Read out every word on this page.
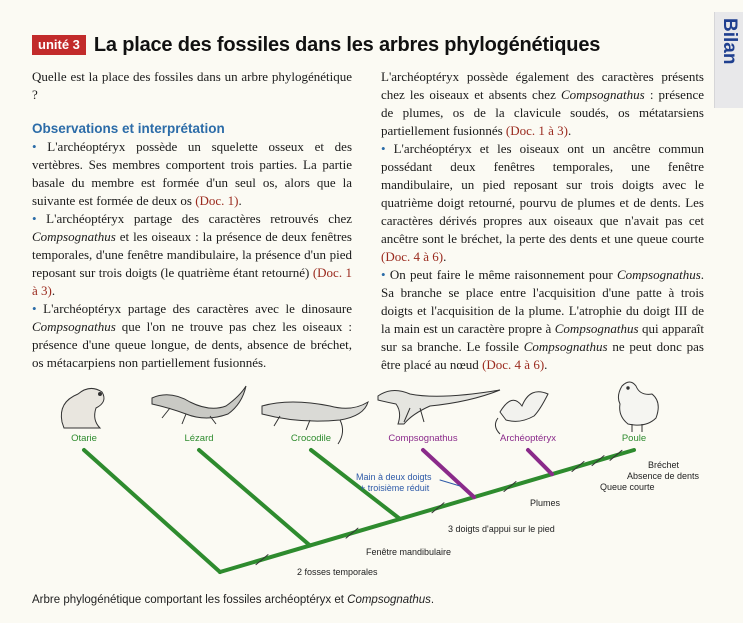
unité 3 La place des fossiles dans les arbres phylogénétiques	Bilan

Quelle est la place des fossiles dans un arbre phylogénétique ?

Observations et interprétation

• L'archéoptéryx possède un squelette osseux et des vertèbres. Ses membres comportent trois parties. La partie basale du membre est formée d'un seul os, alors que la suivante est formée de deux os (Doc. 1).

• L'archéoptéryx partage des caractères retrouvés chez Compsognathus et les oiseaux : la présence de deux fenêtres temporales, d'une fenêtre mandibulaire, la présence d'un pied reposant sur trois doigts (le quatrième étant retourné) (Doc. 1 à 3).

• L'archéoptéryx partage des caractères avec le dinosaure Compsognathus que l'on ne trouve pas chez les oiseaux : présence d'une queue longue, de dents, absence de bréchet, os métacarpiens non partiellement fusionnés.

L'archéoptéryx possède également des caractères présents chez les oiseaux et absents chez Compsognathus : présence de plumes, os de la clavicule soudés, os métatarsiens partiellement fusionnés (Doc. 1 à 3).

• L'archéoptéryx et les oiseaux ont un ancêtre commun possédant deux fenêtres temporales, une fenêtre mandibulaire, un pied reposant sur trois doigts avec le quatrième doigt retourné, pourvu de plumes et de dents. Les caractères dérivés propres aux oiseaux que n'avait pas cet ancêtre sont le bréchet, la perte des dents et une queue courte (Doc. 4 à 6).

• On peut faire le même raisonnement pour Compsognathus. Sa branche se place entre l'acquisition d'une patte à trois doigts et l'acquisition de la plume. L'atrophie du doigt III de la main est un caractère propre à Compsognathus qui apparaît sur sa branche. Le fossile Compsognathus ne peut donc pas être placé au nœud (Doc. 4 à 6).

Otarie	Lézard	Crocodile	Compsognathus	Archéoptéryx	Poule
2 fosses temporales
Fenêtre mandibulaire
3 doigts d'appui sur le pied
Plumes
Queue courte
Absence de dents
Bréchet
Main à deux doigts
+ troisième réduit
Arbre phylogénétique comportant les fossiles archéoptéryx et Compsognathus.
